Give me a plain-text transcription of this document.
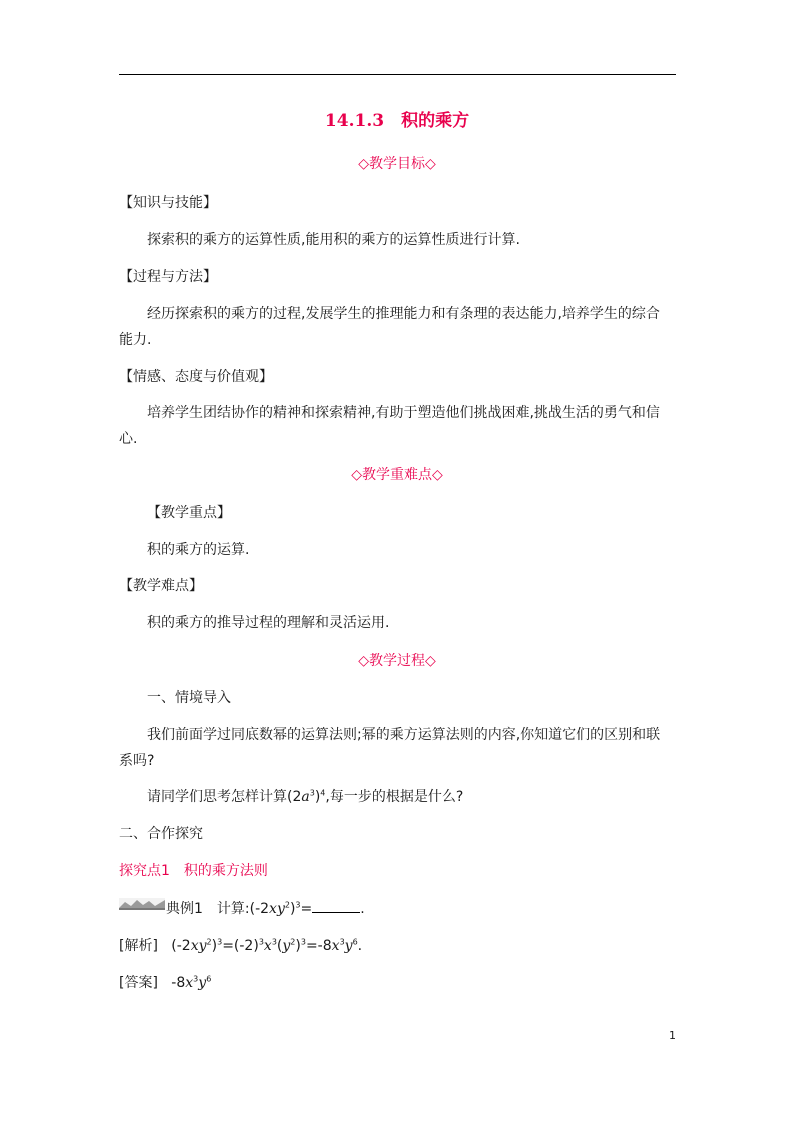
14.1.3　积的乘方
◇教学目标◇
【知识与技能】
探索积的乘方的运算性质,能用积的乘方的运算性质进行计算.
【过程与方法】
经历探索积的乘方的过程,发展学生的推理能力和有条理的表达能力,培养学生的综合
能力.
【情感、态度与价值观】
培养学生团结协作的精神和探索精神,有助于塑造他们挑战困难,挑战生活的勇气和信
心.
◇教学重难点◇
【教学重点】
积的乘方的运算.
【教学难点】
积的乘方的推导过程的理解和灵活运用.
◇教学过程◇
一、情境导入
我们前面学过同底数幂的运算法则;幂的乘方运算法则的内容,你知道它们的区别和联
系吗?
请同学们思考怎样计算$(2a^3)^4$,每一步的根据是什么?
二、合作探究
探究点1　积的乘方法则
典例1　计算$:(-2xy^2)^3=$	.
[解析] $(-2xy^2)^3=(-2)^3x^3(y^2)^3=-8x^3y^6$.
[答案] $-8x^3y^6$
1
